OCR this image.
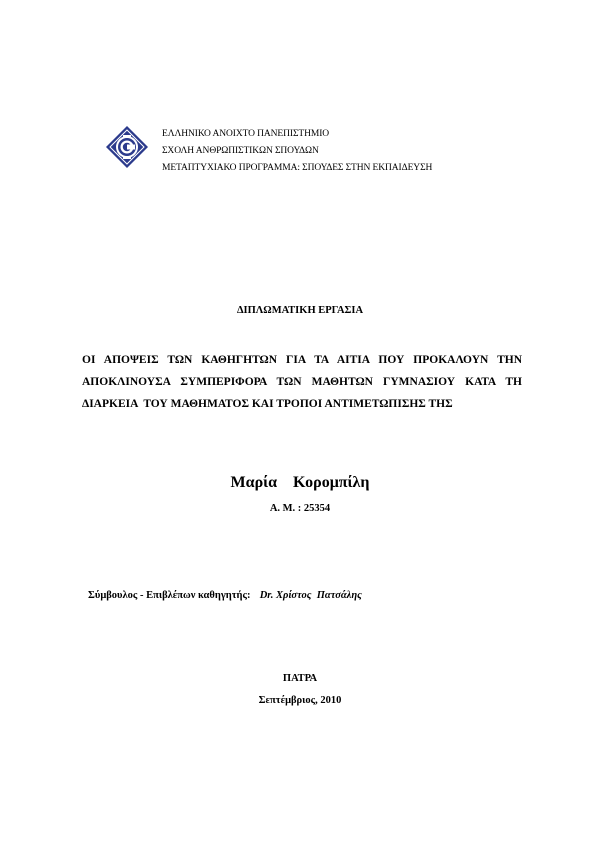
ΕΛΛΗΝΙΚΟ ΑΝΟΙΧΤΟ ΠΑΝΕΠΙΣΤΗΜΙΟ
ΣΧΟΛΗ ΑΝΘΡΩΠΙΣΤΙΚΩΝ ΣΠΟΥΔΩΝ
ΜΕΤΑΠΤΥΧΙΑΚΟ ΠΡΟΓΡΑΜΜΑ: ΣΠΟΥΔΕΣ ΣΤΗΝ ΕΚΠΑΙΔΕΥΣΗ
ΔΙΠΛΩΜΑΤΙΚΗ ΕΡΓΑΣΙΑ
ΟΙ ΑΠΟΨΕΙΣ ΤΩΝ ΚΑΘΗΓΗΤΩΝ ΓΙΑ ΤΑ ΑΙΤΙΑ ΠΟΥ ΠΡΟΚΑΛΟΥΝ ΤΗΝ
ΑΠΟΚΛΙΝΟΥΣΑ ΣΥΜΠΕΡΙΦΟΡΑ ΤΩΝ ΜΑΘΗΤΩΝ ΓΥΜΝΑΣΙΟΥ ΚΑΤΑ ΤΗ
ΔΙΑΡΚΕΙΑ  ΤΟΥ ΜΑΘΗΜΑΤΟΣ ΚΑΙ ΤΡΟΠΟΙ ΑΝΤΙΜΕΤΩΠΙΣΗΣ ΤΗΣ
Μαρία  Κορομπίλη
Α. Μ. : 25354
Σύμβουλος - Επιβλέπων καθηγητής: Dr. Χρίστος  Πατσάλης
ΠΑΤΡΑ
Σεπτέμβριος, 2010
